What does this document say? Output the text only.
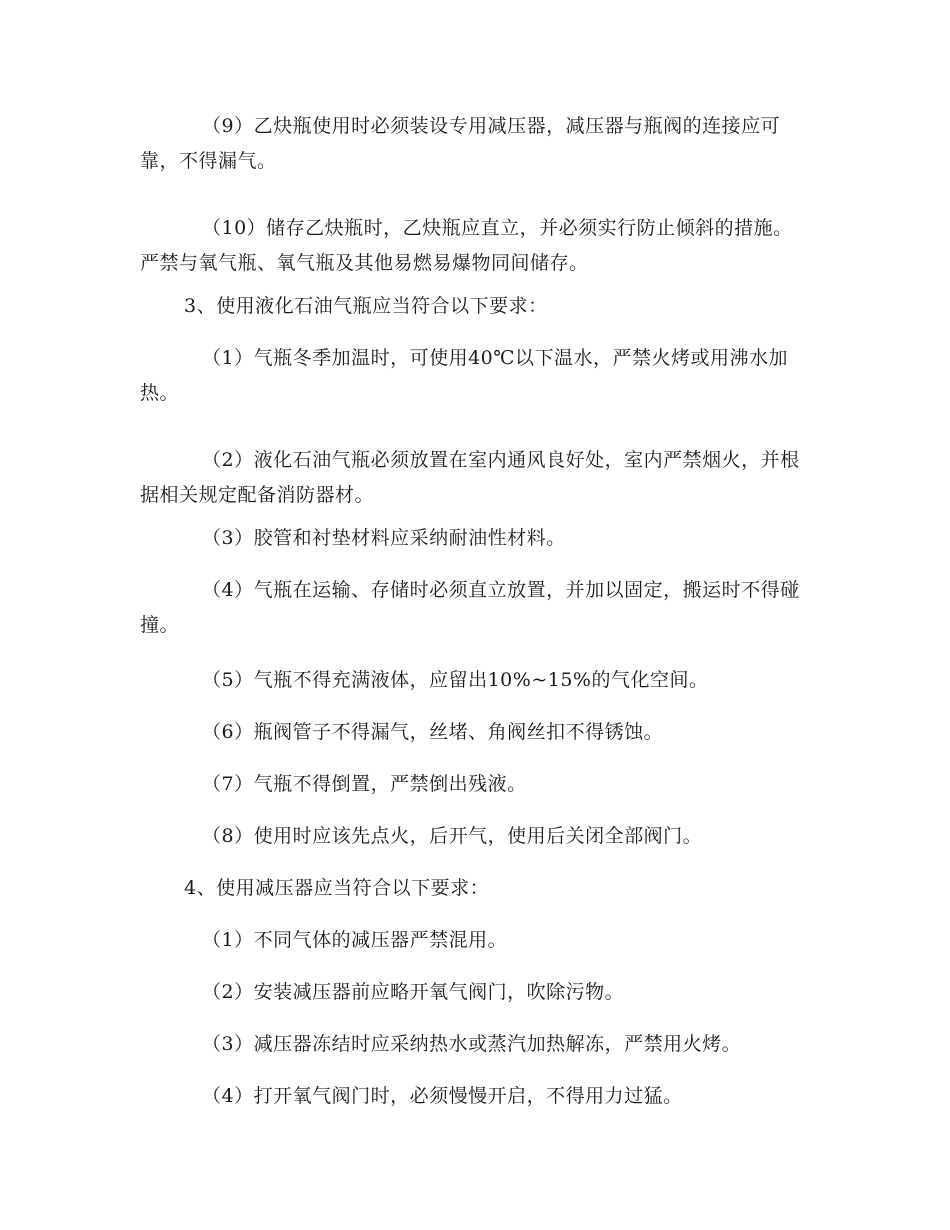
（9）乙炔瓶使用时必须装设专用减压器，减压器与瓶阀的连接应可靠，不得漏气。

（10）储存乙炔瓶时，乙炔瓶应直立，并必须实行防止倾斜的措施。严禁与氧气瓶、氧气瓶及其他易燃易爆物同间储存。

3、使用液化石油气瓶应当符合以下要求：

（1）气瓶冬季加温时，可使用40℃以下温水，严禁火烤或用沸水加热。

（2）液化石油气瓶必须放置在室内通风良好处，室内严禁烟火，并根据相关规定配备消防器材。

（3）胶管和衬垫材料应采纳耐油性材料。

（4）气瓶在运输、存储时必须直立放置，并加以固定，搬运时不得碰撞。

（5）气瓶不得充满液体，应留出10%~15%的气化空间。

（6）瓶阀管子不得漏气，丝堵、角阀丝扣不得锈蚀。

（7）气瓶不得倒置，严禁倒出残液。

（8）使用时应该先点火，后开气，使用后关闭全部阀门。

4、使用减压器应当符合以下要求：

（1）不同气体的减压器严禁混用。

（2）安装减压器前应略开氧气阀门，吹除污物。

（3）减压器冻结时应采纳热水或蒸汽加热解冻，严禁用火烤。

（4）打开氧气阀门时，必须慢慢开启，不得用力过猛。
